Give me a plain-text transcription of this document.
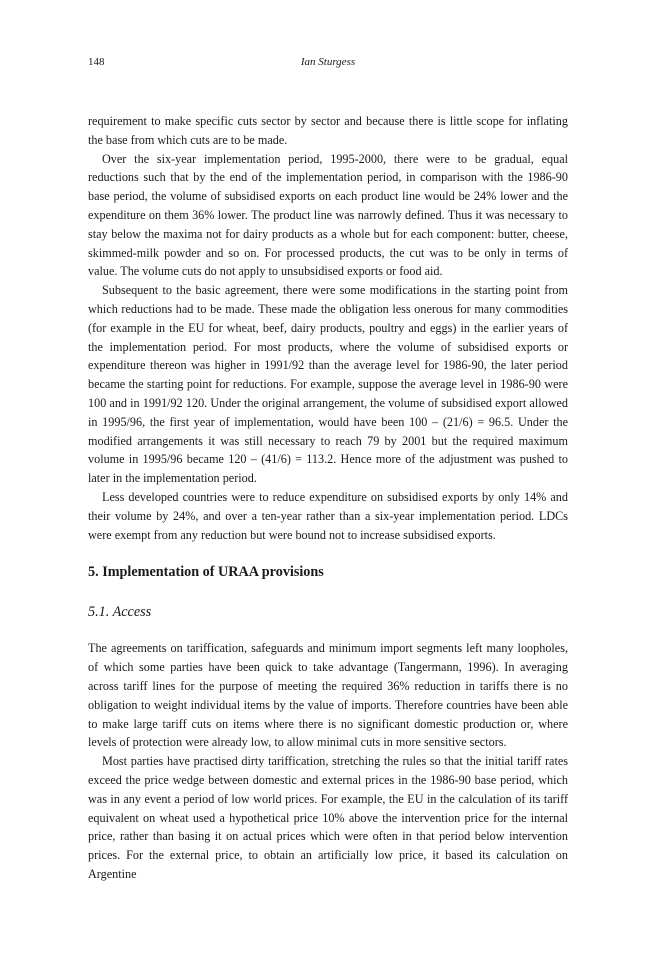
148	Ian Sturgess

requirement to make specific cuts sector by sector and because there is little scope for inflating the base from which cuts are to be made.

Over the six-year implementation period, 1995-2000, there were to be gradual, equal reductions such that by the end of the implementation period, in comparison with the 1986-90 base period, the volume of subsidised exports on each product line would be 24% lower and the expenditure on them 36% lower. The product line was narrowly defined. Thus it was necessary to stay below the maxima not for dairy products as a whole but for each component: butter, cheese, skimmed-milk powder and so on. For processed products, the cut was to be only in terms of value. The volume cuts do not apply to unsubsidised exports or food aid.

Subsequent to the basic agreement, there were some modifications in the starting point from which reductions had to be made. These made the obligation less onerous for many commodities (for example in the EU for wheat, beef, dairy products, poultry and eggs) in the earlier years of the implementation period. For most products, where the volume of subsidised exports or expenditure thereon was higher in 1991/92 than the average level for 1986-90, the later period became the starting point for reductions. For example, suppose the average level in 1986-90 were 100 and in 1991/92 120. Under the original arrangement, the volume of subsidised export allowed in 1995/96, the first year of implementation, would have been 100 – (21/6) = 96.5. Under the modified arrangements it was still necessary to reach 79 by 2001 but the required maximum volume in 1995/96 became 120 – (41/6) = 113.2. Hence more of the adjustment was pushed to later in the implementation period.

Less developed countries were to reduce expenditure on subsidised exports by only 14% and their volume by 24%, and over a ten-year rather than a six-year implementation period. LDCs were exempt from any reduction but were bound not to increase subsidised exports.

5. Implementation of URAA provisions
5.1. Access

The agreements on tariffication, safeguards and minimum import segments left many loopholes, of which some parties have been quick to take advantage (Tangermann, 1996). In averaging across tariff lines for the purpose of meeting the required 36% reduction in tariffs there is no obligation to weight individual items by the value of imports. Therefore countries have been able to make large tariff cuts on items where there is no significant domestic production or, where levels of protection were already low, to allow minimal cuts in more sensitive sectors.

Most parties have practised dirty tariffication, stretching the rules so that the initial tariff rates exceed the price wedge between domestic and external prices in the 1986-90 base period, which was in any event a period of low world prices. For example, the EU in the calculation of its tariff equivalent on wheat used a hypothetical price 10% above the intervention price for the internal price, rather than basing it on actual prices which were often in that period below intervention prices. For the external price, to obtain an artificially low price, it based its calculation on Argentine
